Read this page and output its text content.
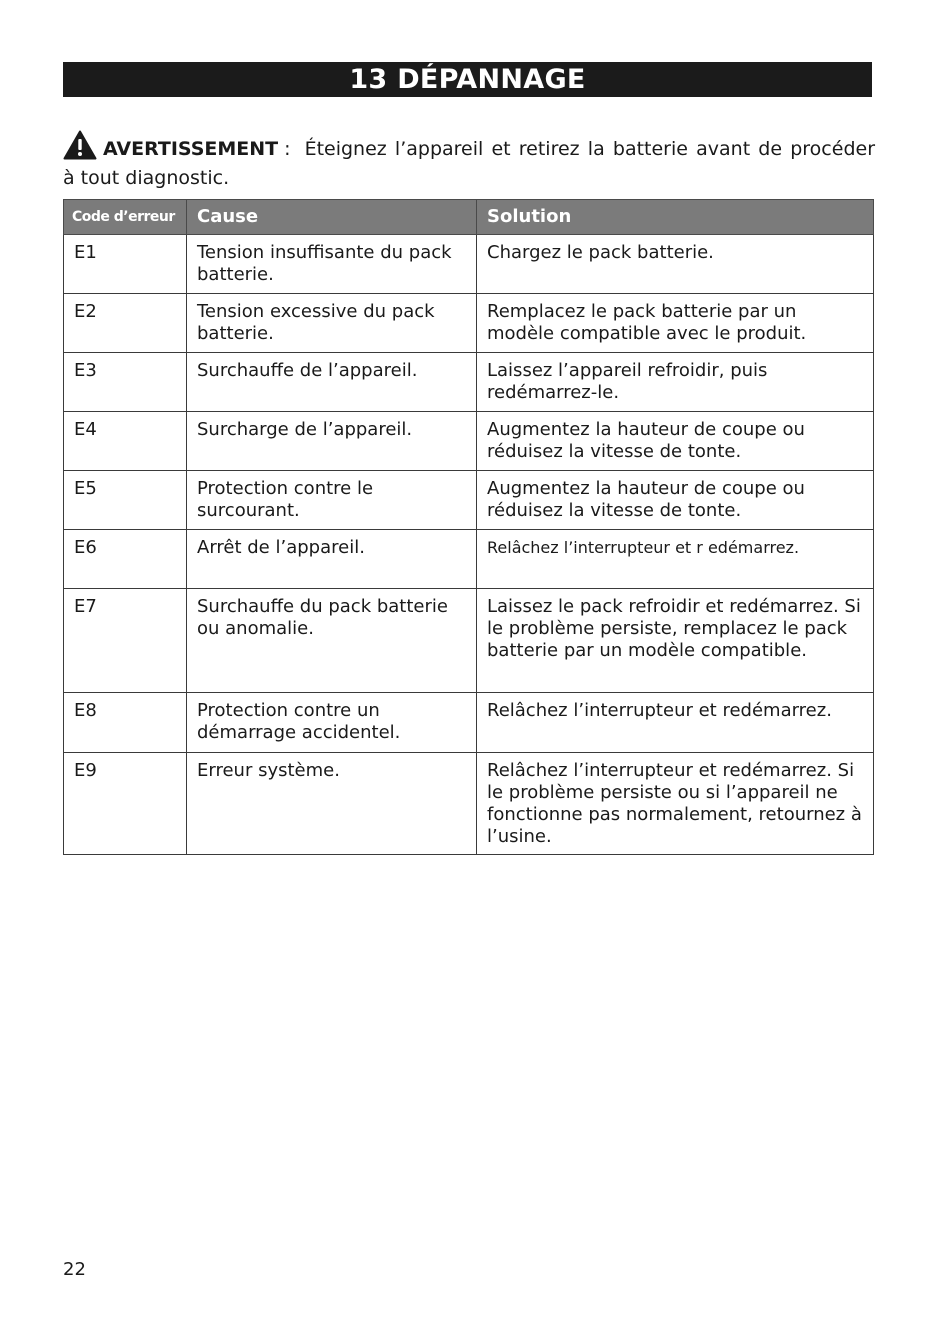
13 DÉPANNAGE
AVERTISSEMENT : Éteignez l’appareil et retirez la batterie avant de procéder à tout diagnostic.
Code d’erreur	Cause	Solution
E1	Tension insuffisante du pack batterie.	Chargez le pack batterie.
E2	Tension excessive du pack batterie.	Remplacez le pack batterie par un modèle compatible avec le produit.
E3	Surchauffe de l’appareil.	Laissez l’appareil refroidir, puis redémarrez-le.
E4	Surcharge de l’appareil.	Augmentez la hauteur de coupe ou réduisez la vitesse de tonte.
E5	Protection contre le surcourant.	Augmentez la hauteur de coupe ou réduisez la vitesse de tonte.
E6	Arrêt de l’appareil.	Relâchez l’interrupteur et r edémarrez.
E7	Surchauffe du pack batterie ou anomalie.	Laissez le pack refroidir et redémarrez. Si le problème persiste, remplacez le pack batterie par un modèle compatible.
E8	Protection contre un démarrage accidentel.	Relâchez l’interrupteur et redémarrez.
E9	Erreur système.	Relâchez l’interrupteur et redémarrez. Si le problème persiste ou si l’appareil ne fonctionne pas normalement, retournez à l’usine.
22
